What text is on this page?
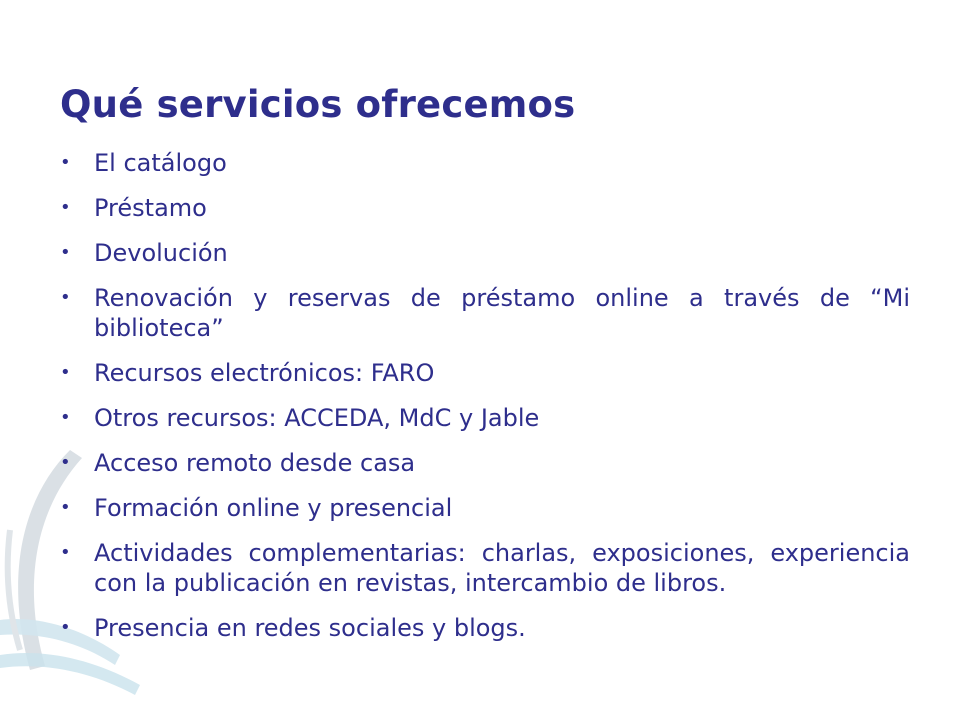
Qué servicios ofrecemos
• El catálogo
• Préstamo
• Devolución
• Renovación y reservas de préstamo online a través de “Mi biblioteca”
• Recursos electrónicos: FARO
• Otros recursos: ACCEDA, MdC y Jable
• Acceso remoto desde casa
• Formación online y presencial
• Actividades complementarias: charlas, exposiciones, experiencia con la publicación en revistas, intercambio de libros.
• Presencia en redes sociales y blogs.
